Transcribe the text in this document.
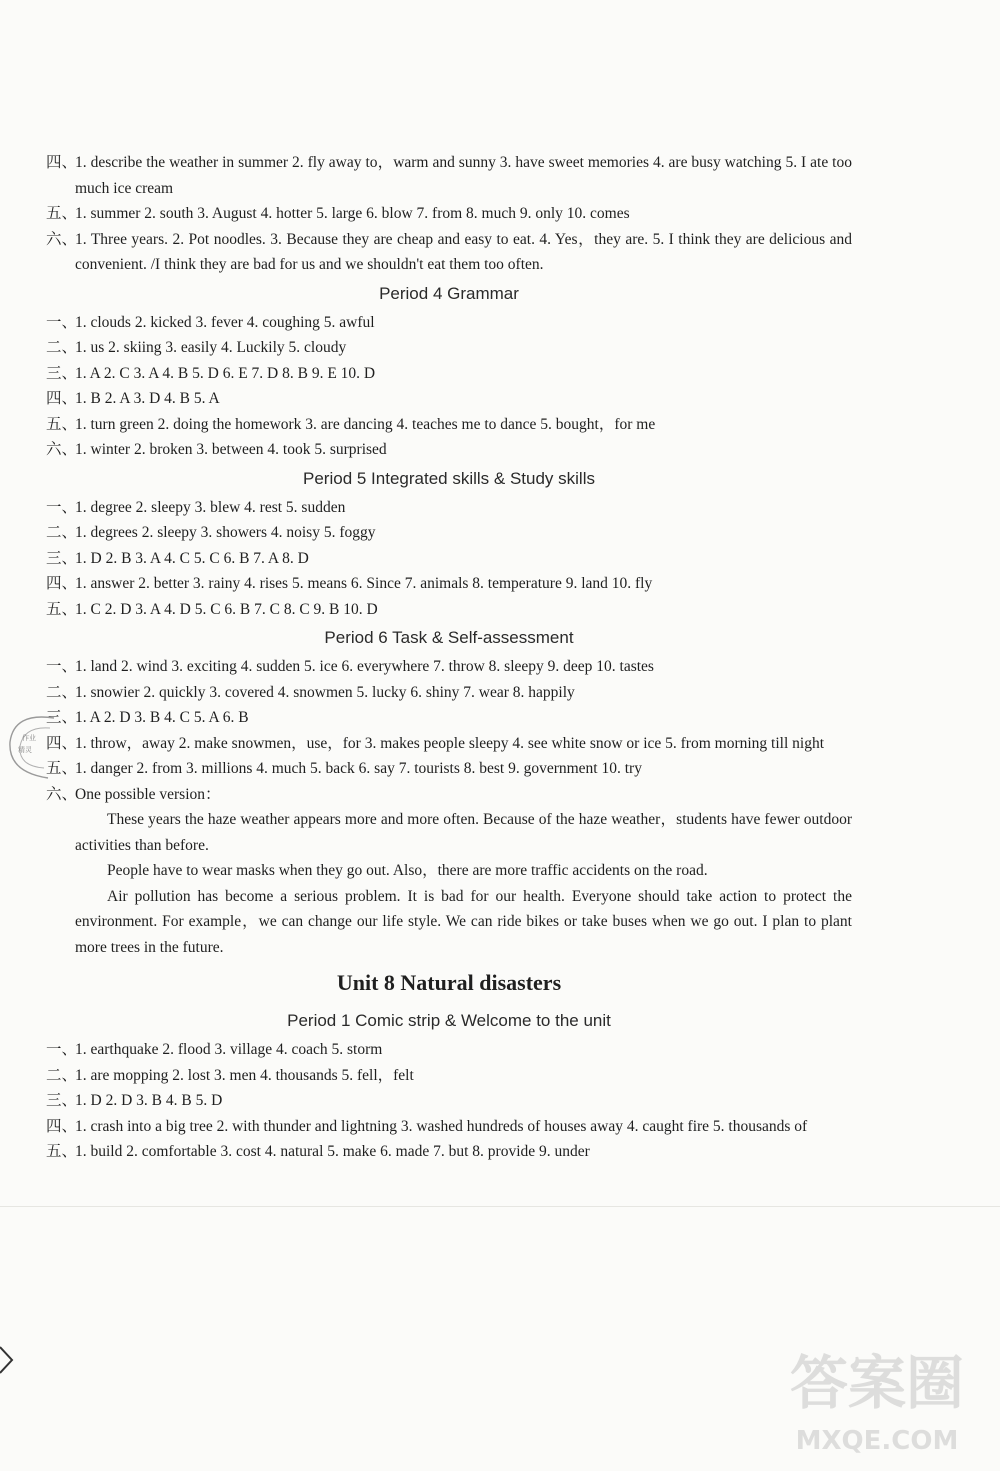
四、
1. describe the weather in summer 2. fly away to，warm and sunny 3. have sweet memories 4. are busy watching 5. I ate too much ice cream
五、
1. summer 2. south 3. August 4. hotter 5. large 6. blow 7. from 8. much 9. only 10. comes
六、
1. Three years. 2. Pot noodles. 3. Because they are cheap and easy to eat. 4. Yes，they are. 5. I think they are delicious and convenient. /I think they are bad for us and we shouldn't eat them too often.
Period 4 Grammar
一、
1. clouds 2. kicked 3. fever 4. coughing 5. awful
二、
1. us 2. skiing 3. easily 4. Luckily 5. cloudy
三、
1. A 2. C 3. A 4. B 5. D 6. E 7. D 8. B 9. E 10. D
四、
1. B 2. A 3. D 4. B 5. A
五、
1. turn green 2. doing the homework 3. are dancing 4. teaches me to dance 5. bought，for me
六、
1. winter 2. broken 3. between 4. took 5. surprised
Period 5 Integrated skills & Study skills
一、
1. degree 2. sleepy 3. blew 4. rest 5. sudden
二、
1. degrees 2. sleepy 3. showers 4. noisy 5. foggy
三、
1. D 2. B 3. A 4. C 5. C 6. B 7. A 8. D
四、
1. answer 2. better 3. rainy 4. rises 5. means 6. Since 7. animals 8. temperature 9. land 10. fly
五、
1. C 2. D 3. A 4. D 5. C 6. B 7. C 8. C 9. B 10. D
Period 6 Task & Self-assessment
一、
1. land 2. wind 3. exciting 4. sudden 5. ice 6. everywhere 7. throw 8. sleepy 9. deep 10. tastes
二、
1. snowier 2. quickly 3. covered 4. snowmen 5. lucky 6. shiny 7. wear 8. happily
三、
1. A 2. D 3. B 4. C 5. A 6. B
四、
1. throw，away 2. make snowmen，use，for 3. makes people sleepy 4. see white snow or ice 5. from morning till night
五、
1. danger 2. from 3. millions 4. much 5. back 6. say 7. tourists 8. best 9. government 10. try
六、
One possible version：
These years the haze weather appears more and more often. Because of the haze weather，students have fewer outdoor activities than before.
People have to wear masks when they go out. Also，there are more traffic accidents on the road.
Air pollution has become a serious problem. It is bad for our health. Everyone should take action to protect the environment. For example，we can change our life style. We can ride bikes or take buses when we go out. I plan to plant more trees in the future.
Unit 8 Natural disasters
Period 1 Comic strip & Welcome to the unit
一、
1. earthquake 2. flood 3. village 4. coach 5. storm
二、
1. are mopping 2. lost 3. men 4. thousands 5. fell，felt
三、
1. D 2. D 3. B 4. B 5. D
四、
1. crash into a big tree 2. with thunder and lightning 3. washed hundreds of houses away 4. caught fire 5. thousands of
五、
1. build 2. comfortable 3. cost 4. natural 5. make 6. made 7. but 8. provide 9. under
作业
精灵
答案圈
MXQE.COM
